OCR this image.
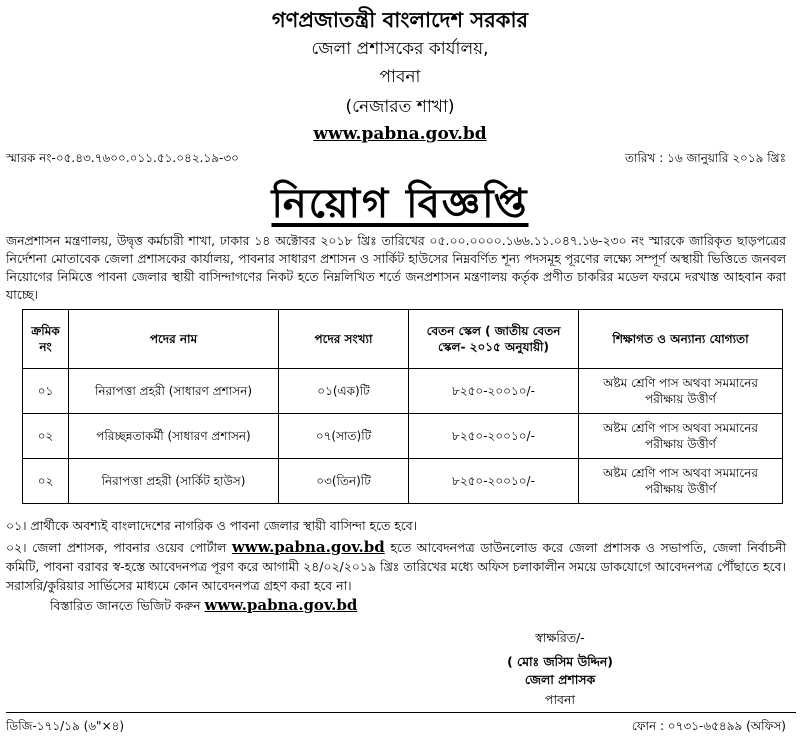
গণপ্রজাতন্ত্রী বাংলাদেশ সরকার
জেলা প্রশাসকের কার্যালয়,
পাবনা
(নেজারত শাখা)
www.pabna.gov.bd
স্মারক নং-০৫.৪৩.৭৬০০.০১১.৫১.০৪২.১৯-৩০	তারিখ : ১৬ জানুয়ারি ২০১৯ খ্রিঃ
নিয়োগ বিজ্ঞপ্তি
জনপ্রশাসন মন্ত্রণালয়, উদ্বৃত্ত কর্মচারী শাখা, ঢাকার ১৪ অক্টোবর ২০১৮ খ্রিঃ তারিখের ০৫.০০.০০০০.১৬৬.১১.০৪৭.১৬-২৩০ নং স্মারকে জারিকৃত ছাড়পত্রের নির্দেশনা মোতাবেক জেলা প্রশাসকের কার্যালয়, পাবনার সাধারণ প্রশাসন ও সার্কিট হাউসের নিম্নবর্ণিত শূন্য পদসমূহ পূরণের লক্ষ্যে সম্পূর্ণ অস্থায়ী ভিত্তিতে জনবল নিয়োগের নিমিত্তে পাবনা জেলার স্থায়ী বাসিন্দাগণের নিকট হতে নিম্নলিখিত শর্তে জনপ্রশাসন মন্ত্রণালয় কর্তৃক প্রণীত চাকরির মডেল ফরমে দরখাস্ত আহবান করা যাচ্ছে।
ক্রমিক নং	পদের নাম	পদের সংখ্যা	বেতন স্কেল ( জাতীয় বেতন স্কেল- ২০১৫ অনুযায়ী)	শিক্ষাগত ও অন্যান্য যোগ্যতা
০১	নিরাপত্তা প্রহরী (সাধারণ প্রশাসন)	০১(এক)টি	৮২৫০-২০০১০/-	অষ্টম শ্রেণি পাস অথবা সমমানের পরীক্ষায় উত্তীর্ণ
০২	পরিচ্ছন্নতাকর্মী (সাধারণ প্রশাসন)	০৭(সাত)টি	৮২৫০-২০০১০/-	অষ্টম শ্রেণি পাস অথবা সমমানের পরীক্ষায় উত্তীর্ণ
০২	নিরাপত্তা প্রহরী (সার্কিট হাউস)	০৩(তিন)টি	৮২৫০-২০০১০/-	অষ্টম শ্রেণি পাস অথবা সমমানের পরীক্ষায় উত্তীর্ণ
০১। প্রার্থীকে অবশ্যই বাংলাদেশের নাগরিক ও পাবনা জেলার স্থায়ী বাসিন্দা হতে হবে।
০২। জেলা প্রশাসক, পাবনার ওয়েব পোর্টাল www.pabna.gov.bd হতে আবেদনপত্র ডাউনলোড করে জেলা প্রশাসক ও সভাপতি, জেলা নির্বাচনী কমিটি, পাবনা বরাবর স্ব-হস্তে আবেদনপত্র পূরণ করে আগামী ২৪/০২/২০১৯ খ্রিঃ তারিখের মধ্যে অফিস চলাকালীন সময়ে ডাকযোগে আবেদনপত্র পৌঁছাতে হবে। সরাসরি/কুরিয়ার সার্ভিসের মাধ্যমে কোন আবেদনপত্র গ্রহণ করা হবে না।
বিস্তারিত জানতে ভিজিট করুন www.pabna.gov.bd
স্বাক্ষরিত/-
( মোঃ জসিম উদ্দিন)
জেলা প্রশাসক
পাবনা
ডিজি-১৭১/১৯ (৬"×৪)	ফোন : ০৭৩১-৬৫৪৯৯ (অফিস)
